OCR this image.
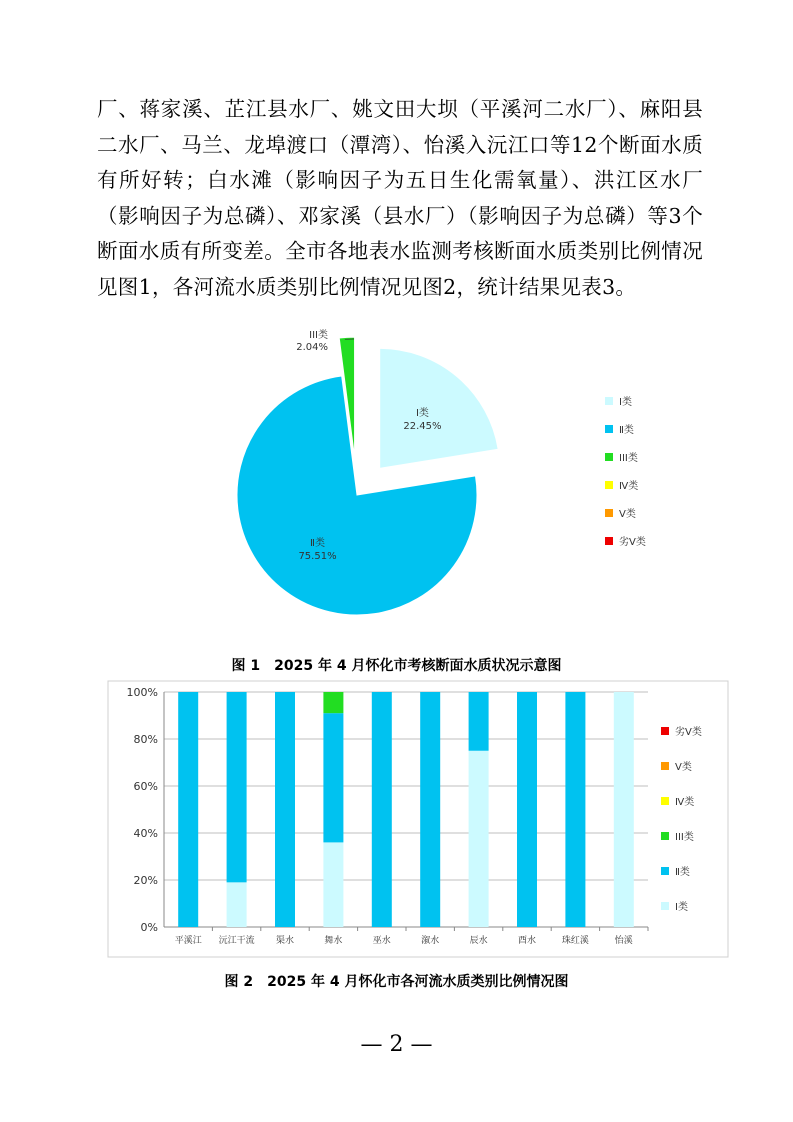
厂、蒋家溪、芷江县水厂、姚文田大坝（平溪河二水厂）、麻阳县二水厂、马兰、龙埠渡口（潭湾）、怡溪入沅江口等12个断面水质有所好转；白水滩（影响因子为五日生化需氧量）、洪江区水厂（影响因子为总磷）、邓家溪（县水厂）（影响因子为总磷）等3个断面水质有所变差。全市各地表水监测考核断面水质类别比例情况见图1，各河流水质类别比例情况见图2，统计结果见表3。

Ⅰ类
22.45%
Ⅱ类
75.51%
III类
2.04%
Ⅰ类
Ⅱ类
III类
Ⅳ类
Ⅴ类
劣Ⅴ类
图 1 2025 年 4 月怀化市考核断面水质状况示意图
0%
20%
40%
60%
80%
100%
平溪江 沅江干流 渠水	舞水	巫水	溆水	辰水	酉水	珠红溪	怡溪
劣Ⅴ类
Ⅴ类
Ⅳ类
III类
Ⅱ类
Ⅰ类
图 2 2025 年 4 月怀化市各河流水质类别比例情况图
— 2 —
